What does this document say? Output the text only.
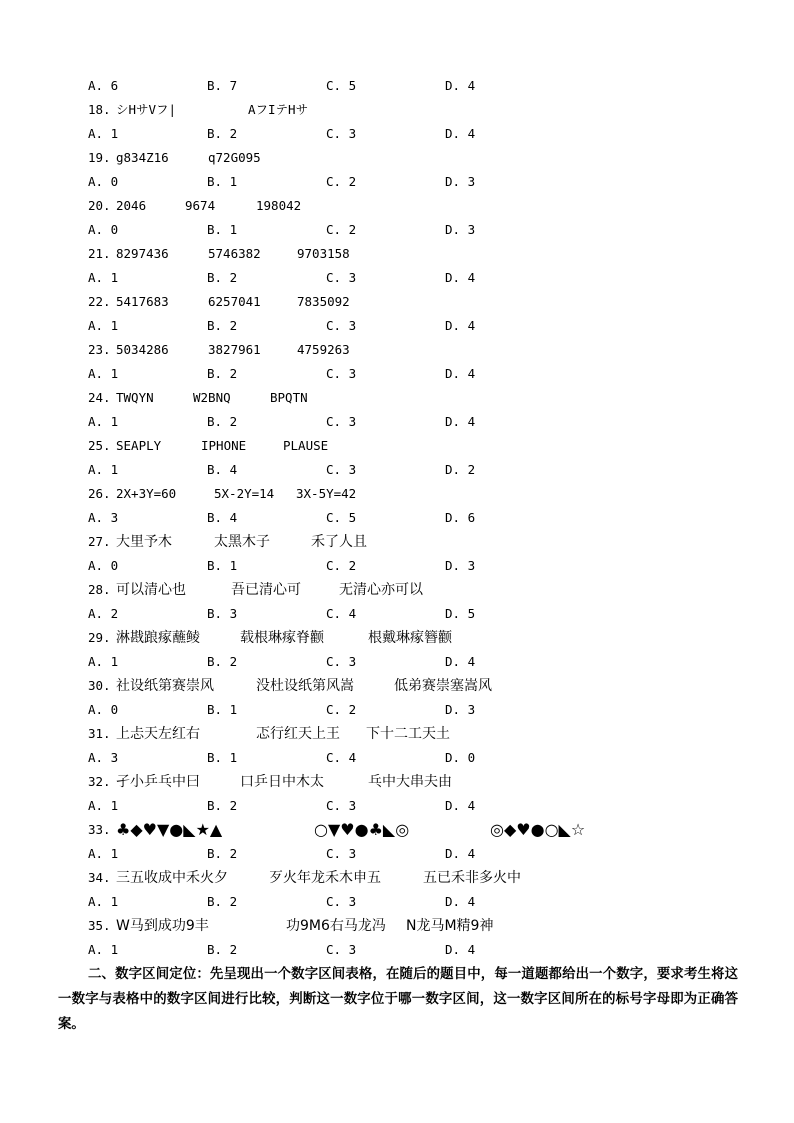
A. 6	B. 7	C. 5	D. 4
18. シHサVフ|	AフIテHサ
A. 1	B. 2	C. 3	D. 4
19. g834Z16	q72G095
A. 0	B. 1	C. 2	D. 3
20. 2046	9674	198042
A. 0	B. 1	C. 2	D. 3
21. 8297436	5746382	9703158
A. 1	B. 2	C. 3	D. 4
22. 5417683	6257041	7835092
A. 1	B. 2	C. 3	D. 4
23. 5034286	3827961	4759263
A. 1	B. 2	C. 3	D. 4
24. TWQYN	W2BNQ	BPQTN
A. 1	B. 2	C. 3	D. 4
25. SEAPLY	IPHONE	PLAUSE
A. 1	B. 4	C. 3	D. 2
26. 2X+3Y=60	5X-2Y=14 3X-5Y=42
A. 3	B. 4	C. 5	D. 6
27. 大里予木	太黑木子	禾了人且
A. 0	B. 1	C. 2	D. 3
28. 可以清心也	吾已清心可	无清心亦可以
A. 2	B. 3	C. 4	D. 5
29. 淋戡踉瘃蘸鲮	载根琳瘃脊颧	根戴琳瘃簪颧
A. 1	B. 2	C. 3	D. 4
30. 社设纸第赛崇风	没杜设纸第风嵩	低弟赛崇塞嵩风
A. 0	B. 1	C. 2	D. 3
31. 上忐天左红右	忑行红天上王 下十二工天土
A. 3	B. 1	C. 4	D. 0
32. 孑小乒乓中曰	口乒日中木太	乓中大串夫由
A. 1	B. 2	C. 3	D. 4
33. ♣◆♥▼●◣★▲	○▼♥●♣◣◎	◎◆♥●○◣☆
A. 1	B. 2	C. 3	D. 4
34. 三五收成中禾火夕	歹火年龙禾木申五	五已禾非多火中
A. 1	B. 2	C. 3	D. 4
35. W马到成功9丰	功9M6右马龙冯 N龙马M精9神
A. 1	B. 2	C. 3	D. 4
二、数字区间定位：先呈现出一个数字区间表格，在随后的题目中，每一道题都给出一个数字，要求考生将这一数字与表格中的数字区间进行比较，判断这一数字位于哪一数字区间，这一数字区间所在的标号字母即为正确答案。
